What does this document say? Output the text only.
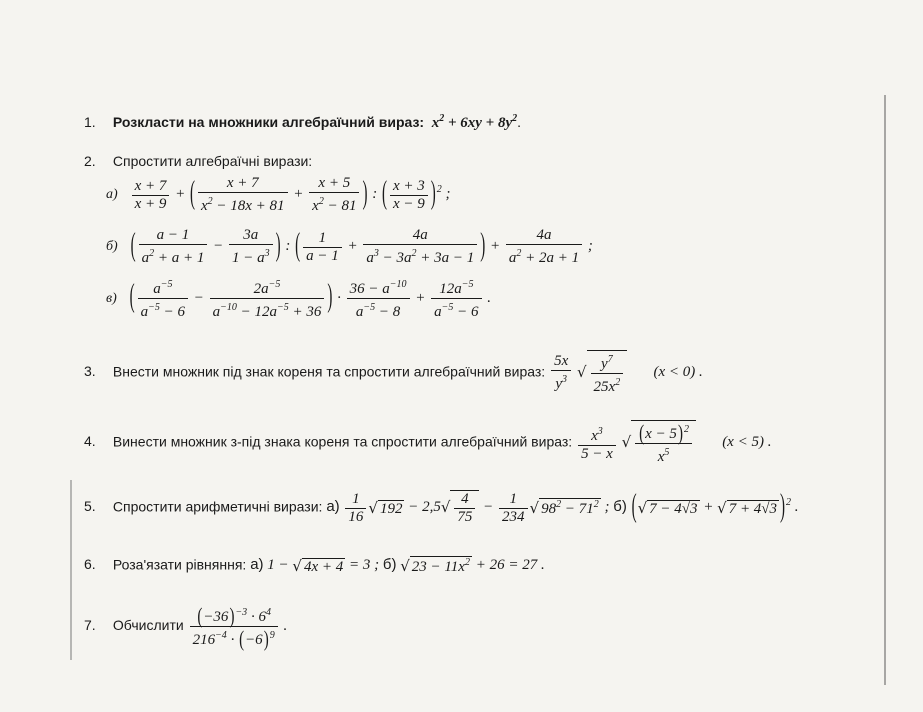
1. Розкласти на множники алгебраїчний вираз:  $x^2 + 6xy + 8y^2$.
2. Спростити алгебраїчні вирази:
$а) \frac{x + 7}{x + 9}$ + ( $\frac{x + 7}{x^2 - 18x + 81} + \frac{x + 5}{x^2 - 81}$ ) : ( $\frac{x + 3}{x - 9} )^2$ ;
б) ( $\frac{a - 1}{a^2 + a + 1} - \frac{3a}{1 - a^3}$ ) : ( $\frac{1}{a - 1} + \frac{4a}{a^3 - 3a^2 + 3a - 1}$ ) + $\frac{4a}{a^2 + 2a + 1}$ ;
в) ( $\frac{a^{-5}}{a^{-5} - 6} - \frac{2a^{-5}}{a^{-10} - 12a^{-5} + 36}$ ) · $\frac{36 - a^{-10}}{a^{-5} - 8} + \frac{12a^{-5}}{a^{-5} - 6}$ .
3. Внести множник під знак кореня та спростити алгебраїчний вираз: $\frac{5x}{y^3}$ √ $\frac{y^7}{25x^2} (x < 0)$ .
4. Винести множник з-під знака кореня та спростити алгебраїчний вираз: $\frac{x^3}{5 - x}$ √ $\frac{(x - 5)^2}{x^5} (x < 5)$ .
5. Спростити арифметичні вирази: $а) \frac{1}{16}$ √ $192 - 2,5√ \frac{4}{75} - \frac{1}{234}$ √ $98^2 - 71^2$ ; б) (√ 7 − 4√3 + √ 7 + 4√3 )$^2$ .
6. Роза'язати рівняння: а) 1 − √ 4x + 4 = 3 ; б) √ $23 - 11x^2 + 26 = 27$ .
7. Обчислити $\frac{(-36)^{-3} \cdot 6^4}{216^{-4} \cdot (-6)^9}$ .
